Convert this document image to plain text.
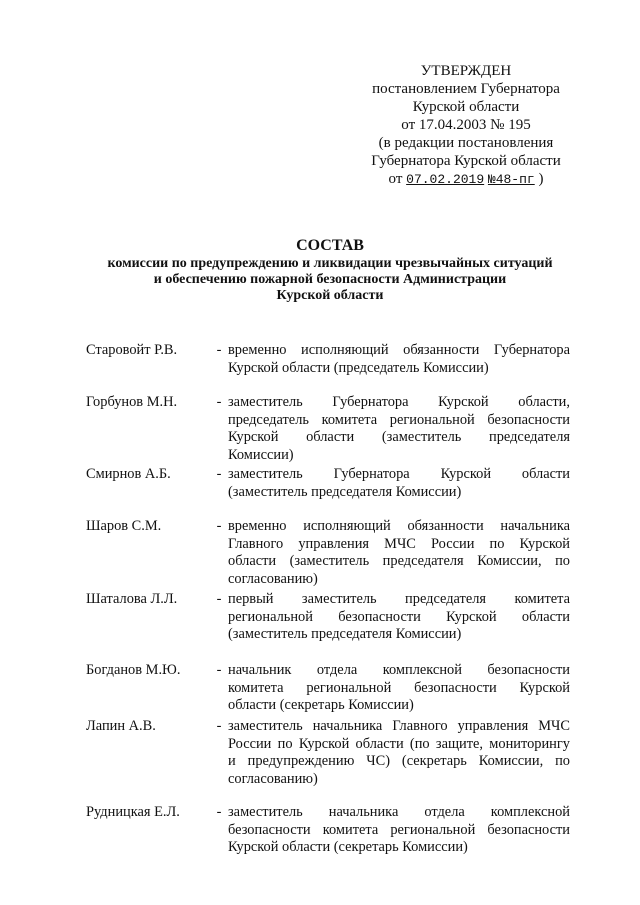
УТВЕРЖДЕН
постановлением Губернатора
Курской области
от 17.04.2003 № 195
(в редакции постановления
Губернатора Курской области
от 07.02.2019 №48-пг )
СОСТАВ
комиссии по предупреждению и ликвидации чрезвычайных ситуаций
и обеспечению пожарной безопасности Администрации
Курской области
Старовойт Р.В.	- временно исполняющий обязанности Губернатора
Курской области (председатель Комиссии)
Горбунов М.Н.	- заместитель Губернатора Курской области,
председатель комитета региональной безопасности
Курской области (заместитель председателя
Комиссии)
Смирнов А.Б.	- заместитель Губернатора Курской области
(заместитель председателя Комиссии)
Шаров С.М.	- временно исполняющий обязанности начальника
Главного управления МЧС России по Курской
области (заместитель председателя Комиссии, по
согласованию)
Шаталова Л.Л.	- первый заместитель председателя комитета
региональной безопасности Курской области
(заместитель председателя Комиссии)
Богданов М.Ю.	- начальник отдела комплексной безопасности
комитета региональной безопасности Курской
области (секретарь Комиссии)
Лапин А.В.	- заместитель начальника Главного управления МЧС
России по Курской области (по защите, мониторингу
и предупреждению ЧС) (секретарь Комиссии, по
согласованию)
Рудницкая Е.Л.	- заместитель начальника отдела комплексной
безопасности комитета региональной безопасности
Курской области (секретарь Комиссии)
